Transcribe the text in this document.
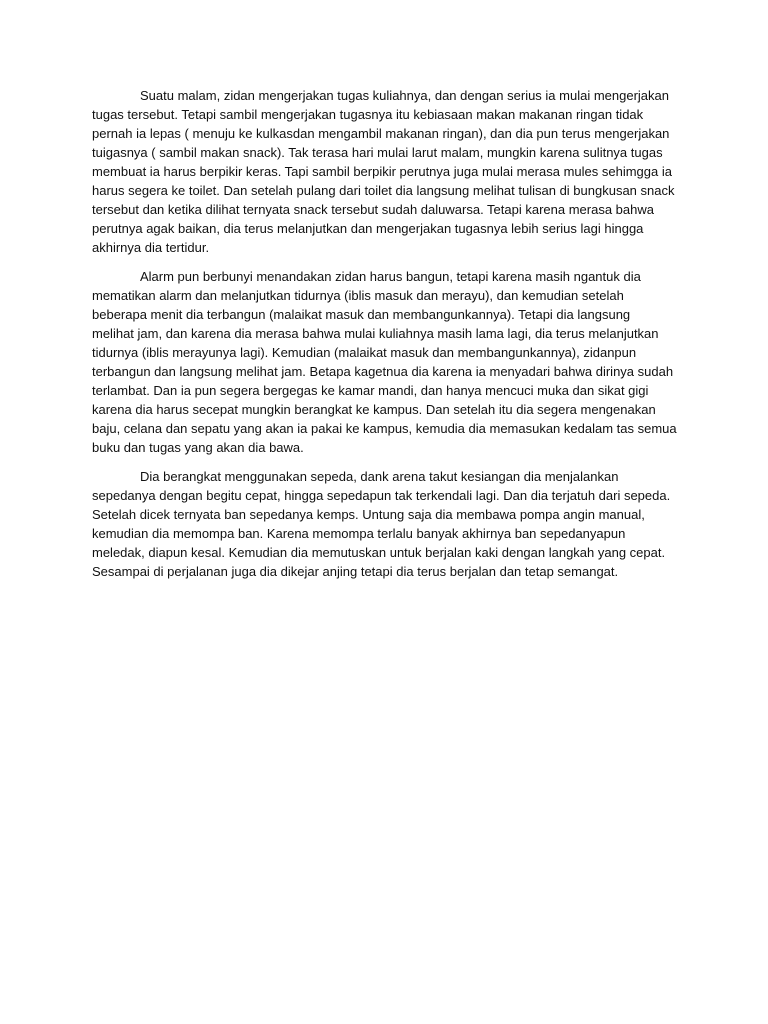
Suatu malam, zidan mengerjakan tugas kuliahnya, dan dengan serius ia mulai mengerjakan
tugas tersebut. Tetapi sambil mengerjakan tugasnya itu kebiasaan makan makanan ringan tidak
pernah ia lepas ( menuju ke kulkasdan mengambil makanan ringan), dan dia pun terus mengerjakan
tuigasnya ( sambil makan snack). Tak terasa hari mulai larut malam, mungkin karena sulitnya tugas
membuat ia harus berpikir keras. Tapi sambil berpikir perutnya juga mulai merasa mules sehimgga ia
harus segera ke toilet. Dan setelah pulang dari toilet dia langsung melihat tulisan di bungkusan snack
tersebut dan ketika dilihat ternyata snack tersebut sudah daluwarsa. Tetapi karena merasa bahwa
perutnya agak baikan, dia terus melanjutkan dan mengerjakan tugasnya lebih serius lagi hingga
akhirnya dia tertidur.
Alarm pun berbunyi menandakan zidan harus bangun, tetapi karena masih ngantuk dia
mematikan alarm dan melanjutkan tidurnya (iblis masuk dan merayu), dan kemudian setelah
beberapa menit dia terbangun (malaikat masuk dan membangunkannya). Tetapi dia langsung
melihat jam, dan karena dia merasa bahwa mulai kuliahnya masih lama lagi, dia terus melanjutkan
tidurnya (iblis merayunya lagi). Kemudian (malaikat masuk dan membangunkannya), zidanpun
terbangun dan langsung melihat jam. Betapa kagetnua dia karena ia menyadari bahwa dirinya sudah
terlambat. Dan ia pun segera bergegas ke kamar mandi, dan hanya mencuci muka dan sikat gigi
karena dia harus secepat mungkin berangkat ke kampus. Dan setelah itu dia segera mengenakan
baju, celana dan sepatu yang akan ia pakai ke kampus, kemudia dia memasukan kedalam tas semua
buku dan tugas yang akan dia bawa.
Dia berangkat menggunakan sepeda, dank arena takut kesiangan dia menjalankan
sepedanya dengan begitu cepat, hingga sepedapun tak terkendali lagi. Dan dia terjatuh dari sepeda.
Setelah dicek ternyata ban sepedanya kemps. Untung saja dia membawa pompa angin manual,
kemudian dia memompa ban. Karena memompa terlalu banyak akhirnya ban sepedanyapun
meledak, diapun kesal. Kemudian dia memutuskan untuk berjalan kaki dengan langkah yang cepat.
Sesampai di perjalanan juga dia dikejar anjing tetapi dia terus berjalan dan tetap semangat.
